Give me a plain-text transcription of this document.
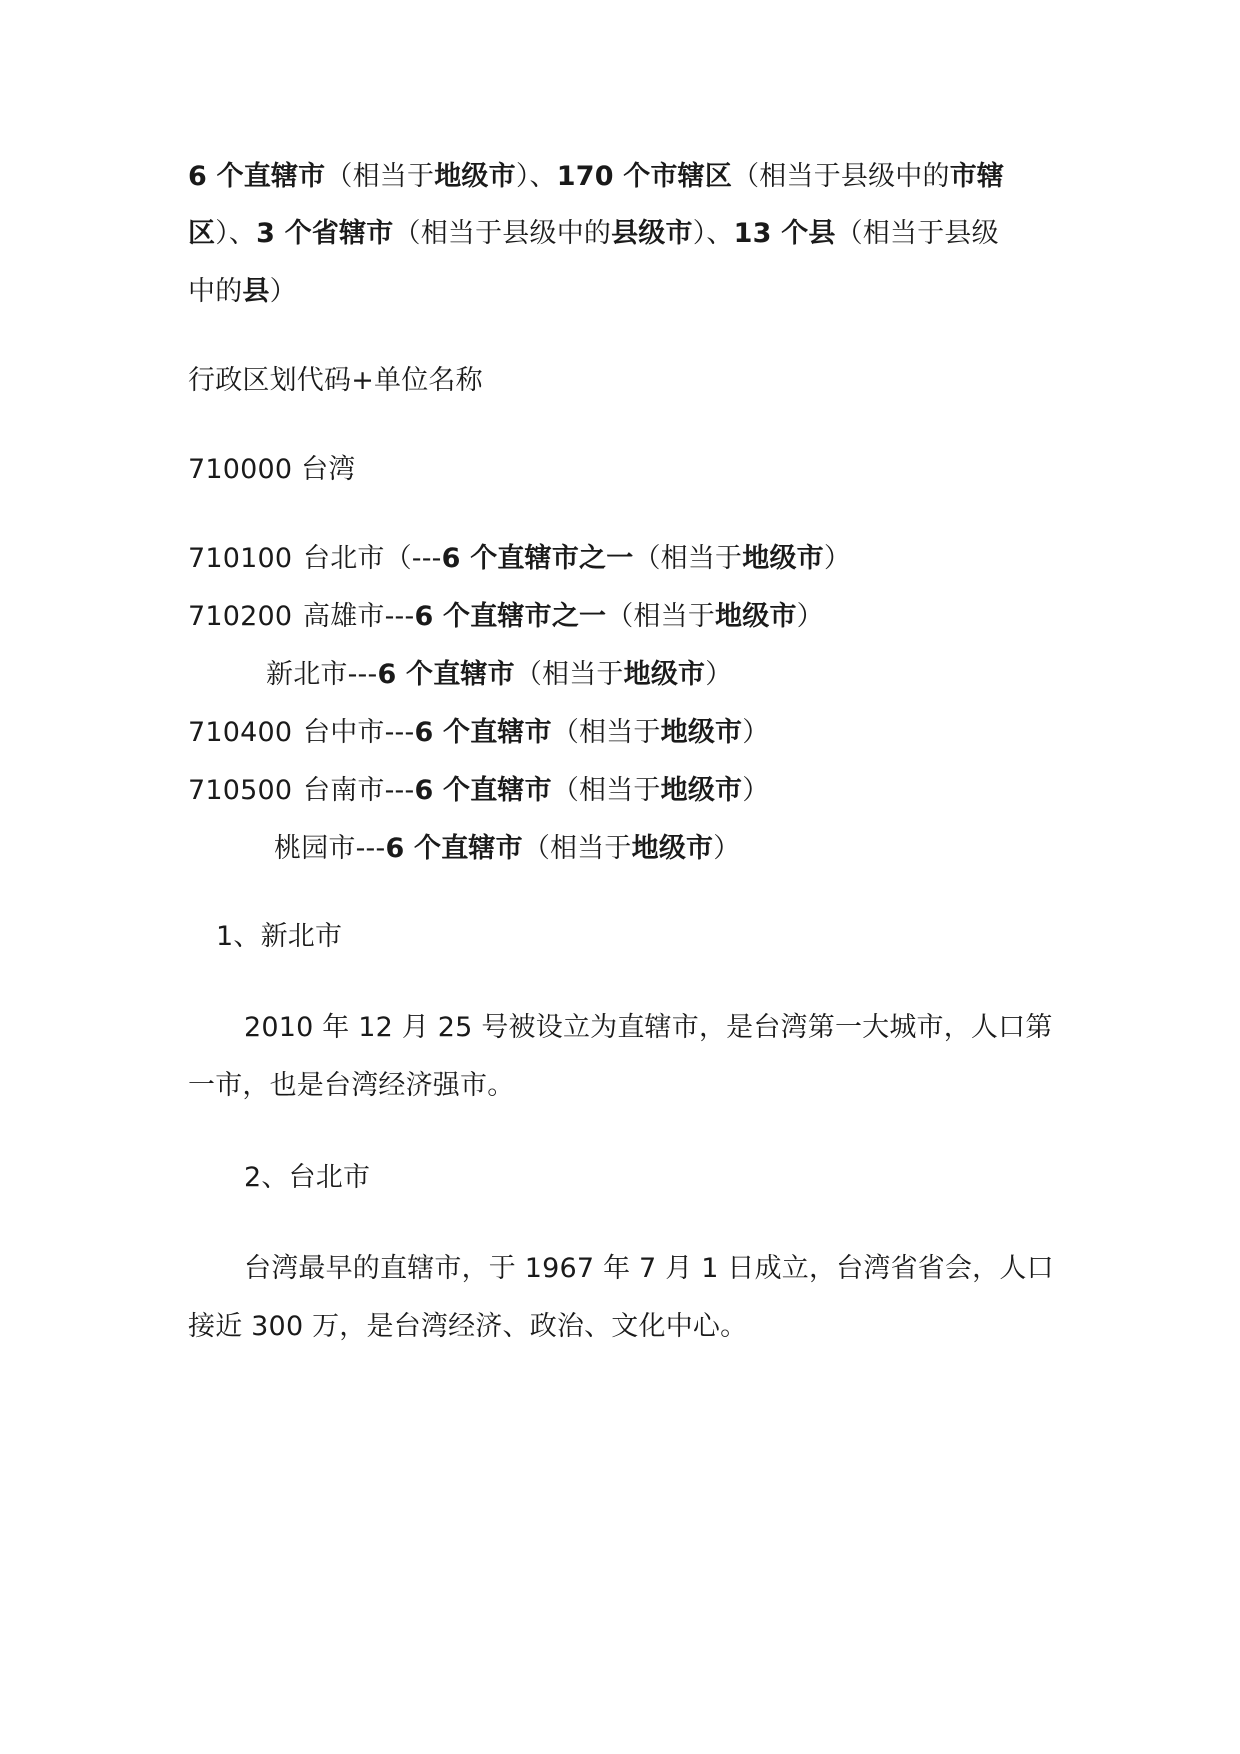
6 个直辖市（相当于地级市）、170 个市辖区（相当于县级中的市辖
区）、3 个省辖市（相当于县级中的县级市）、13 个县（相当于县级
中的县）
行政区划代码+单位名称
710000 台湾
710100 台北市（---6 个直辖市之一（相当于地级市）
710200 高雄市---6 个直辖市之一（相当于地级市）
新北市---6 个直辖市（相当于地级市）
710400 台中市---6 个直辖市（相当于地级市）
710500 台南市---6 个直辖市（相当于地级市）
桃园市---6 个直辖市（相当于地级市）
1、新北市
2010 年 12 月 25 号被设立为直辖市，是台湾第一大城市，人口第
一市，也是台湾经济强市。
2、台北市
台湾最早的直辖市，于 1967 年 7 月 1 日成立，台湾省省会，人口
接近 300 万，是台湾经济、政治、文化中心。
